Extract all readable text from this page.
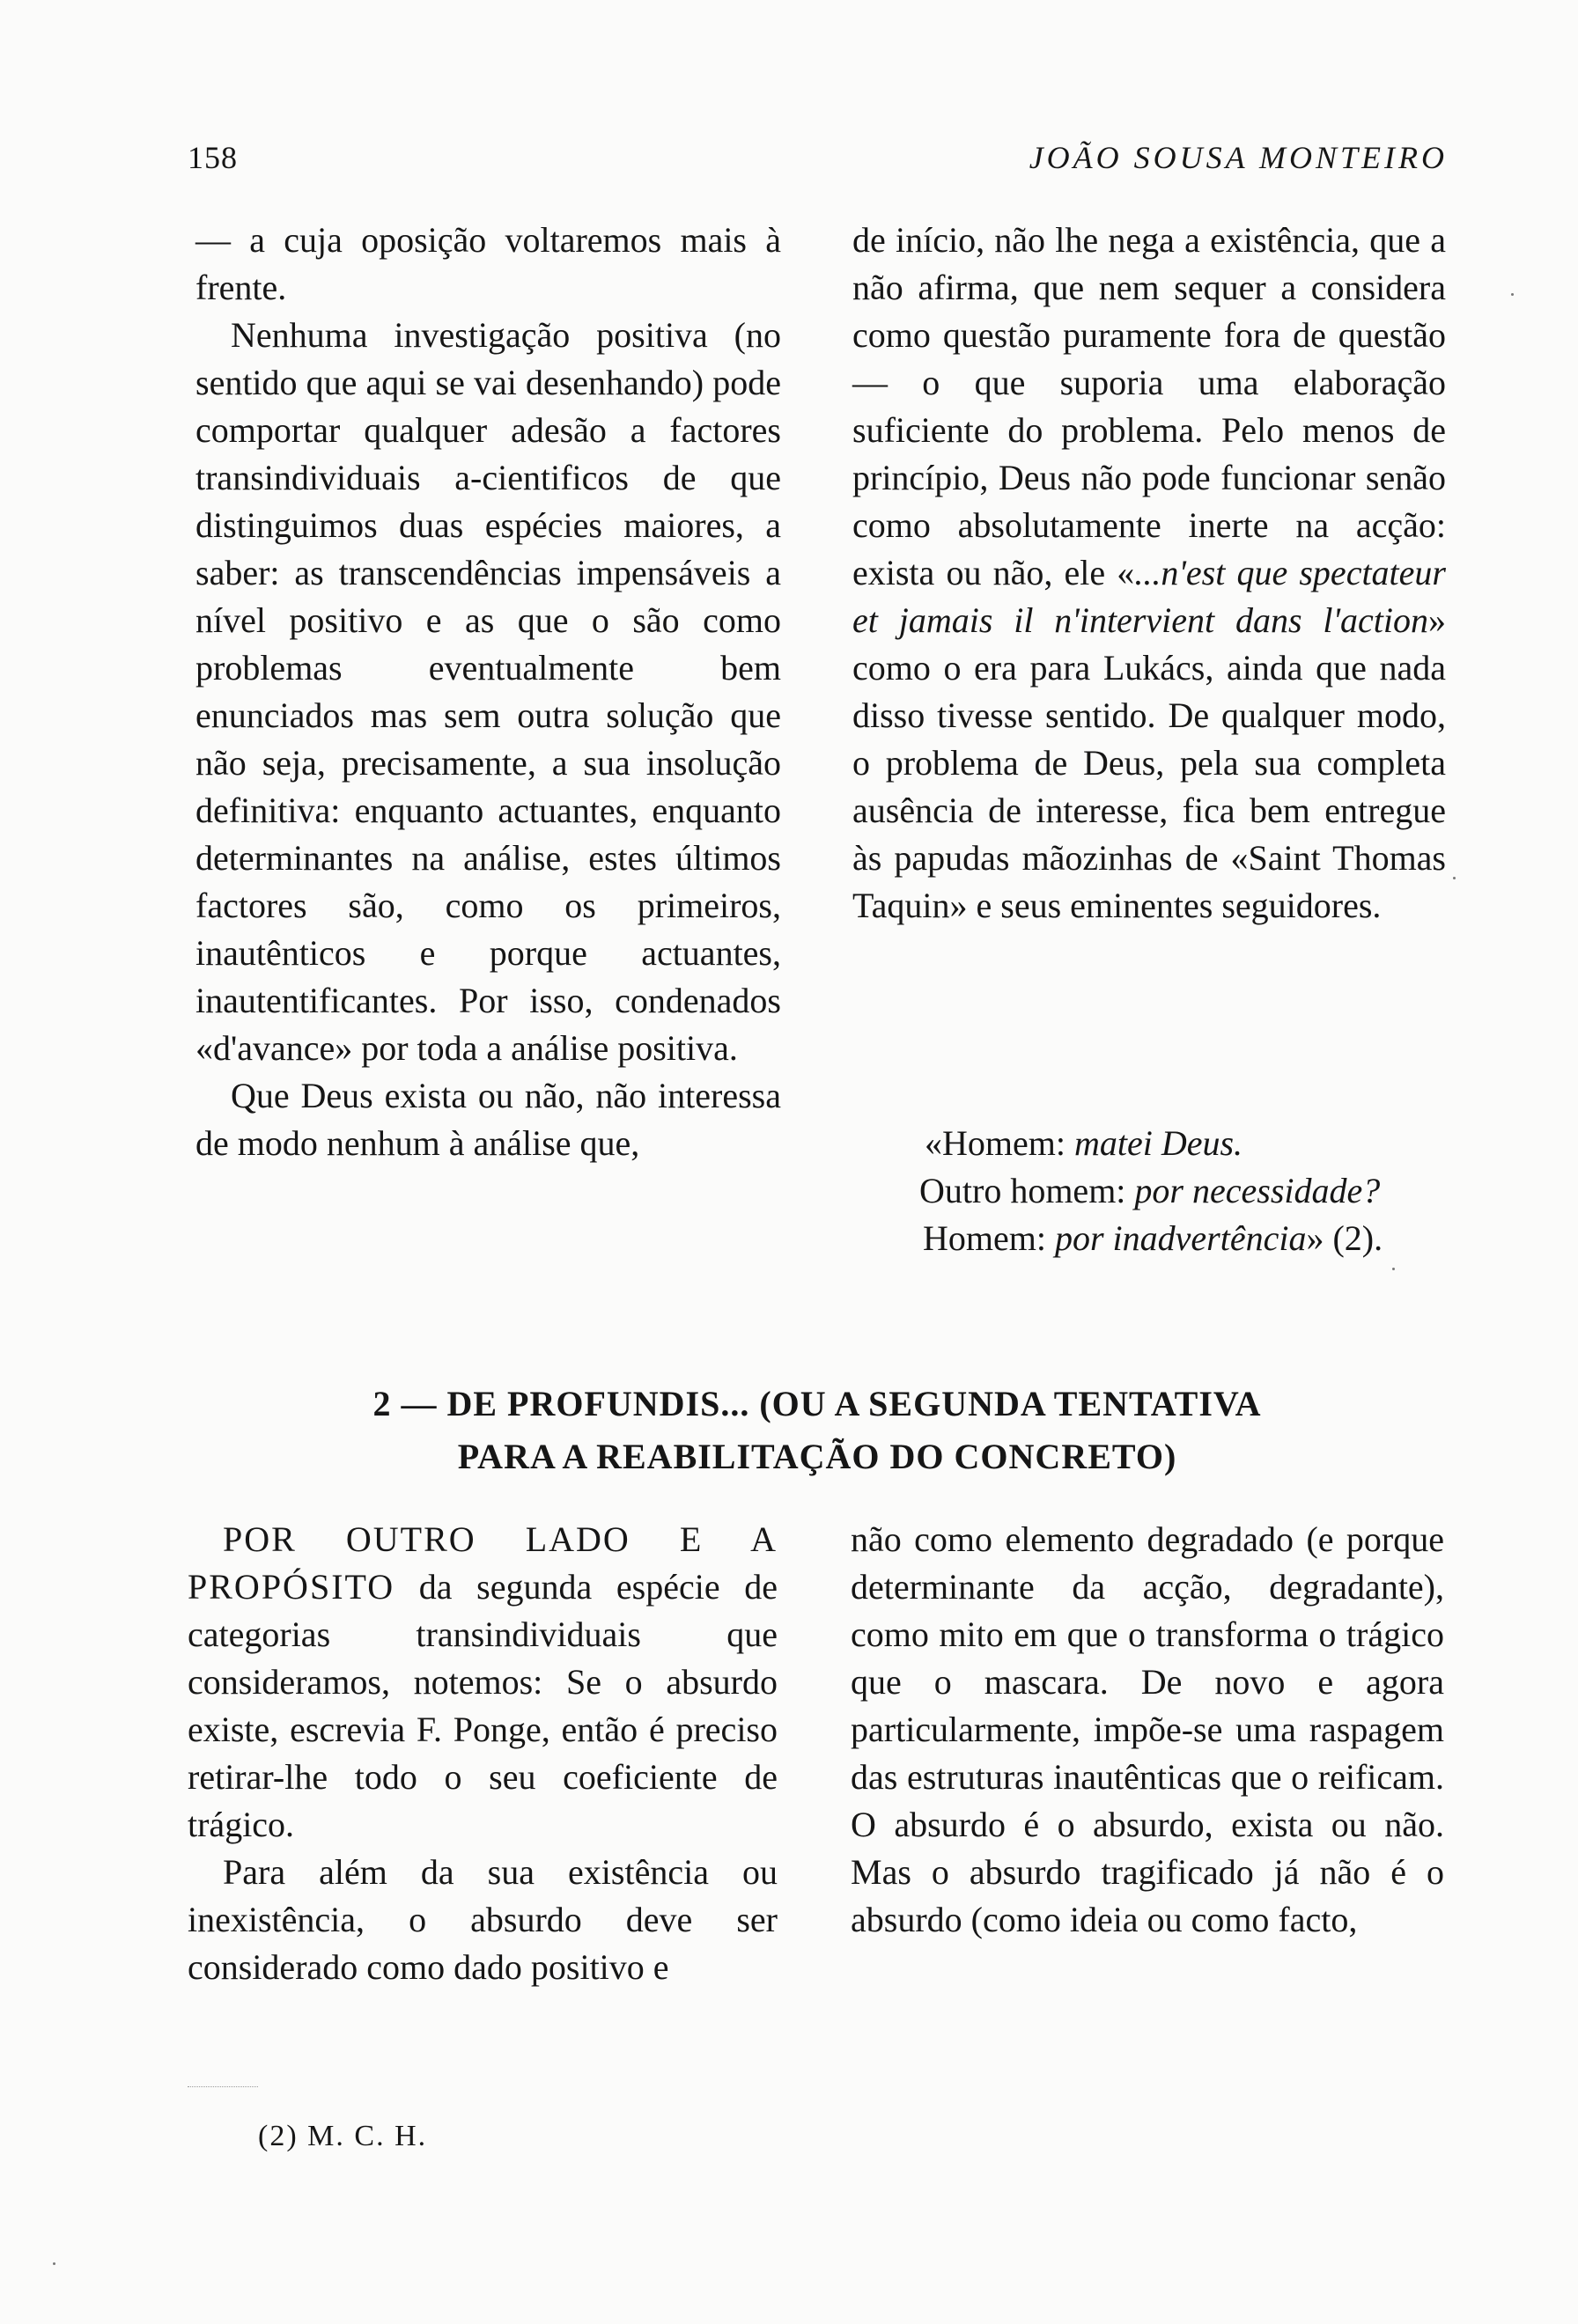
158	JOÃO SOUSA MONTEIRO

— a cuja oposição voltaremos mais à frente.

Nenhuma investigação positiva (no sentido que aqui se vai desenhando) pode comportar qualquer adesão a factores transindividuais a-cientificos de que distinguimos duas espécies maiores, a saber: as transcendências impensáveis a nível positivo e as que o são como problemas eventualmente bem enunciados mas sem outra solução que não seja, precisamente, a sua insolução definitiva: enquanto actuantes, enquanto determinantes na análise, estes últimos factores são, como os primeiros, inautênticos e porque actuantes, inautentificantes. Por isso, condenados «d'avance» por toda a análise positiva.

Que Deus exista ou não, não interessa de modo nenhum à análise que,

de início, não lhe nega a existência, que a não afirma, que nem sequer a considera como questão puramente fora de questão — o que suporia uma elaboração suficiente do problema. Pelo menos de princípio, Deus não pode funcionar senão como absolutamente inerte na acção: exista ou não, ele «...n'est que spectateur et jamais il n'intervient dans l'action» como o era para Lukács, ainda que nada disso tivesse sentido. De qualquer modo, o problema de Deus, pela sua completa ausência de interesse, fica bem entregue às papudas mãozinhas de «Saint Thomas Taquin» e seus eminentes seguidores.

«Homem: matei Deus.
Outro homem: por necessidade?
Homem: por inadvertência» (2).
2 — DE PROFUNDIS... (OU A SEGUNDA TENTATIVA
PARA A REABILITAÇÃO DO CONCRETO)

POR OUTRO LADO E A PROPÓSITO da segunda espécie de categorias transindividuais que consideramos, notemos: Se o absurdo existe, escrevia F. Ponge, então é preciso retirar-lhe todo o seu coeficiente de trágico.

Para além da sua existência ou inexistência, o absurdo deve ser considerado como dado positivo e

não como elemento degradado (e porque determinante da acção, degradante), como mito em que o transforma o trágico que o mascara. De novo e agora particularmente, impõe-se uma raspagem das estruturas inautênticas que o reificam. O absurdo é o absurdo, exista ou não. Mas o absurdo tragificado já não é o absurdo (como ideia ou como facto,

(2) M. C. H.
